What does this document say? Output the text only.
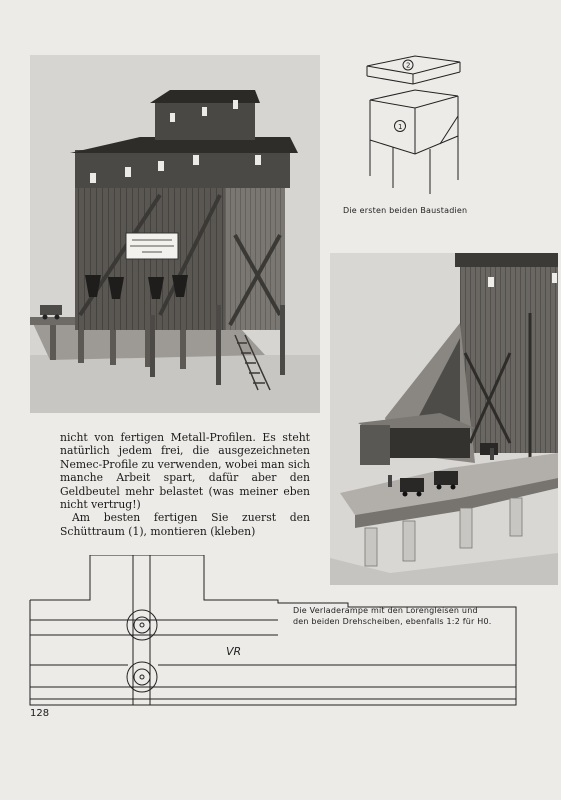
2
1
Die ersten beiden Baustadien

nicht von fertigen Metall-Profilen. Es steht natürlich jedem frei, die ausgezeichneten Nemec-Profile zu verwenden, wobei man sich manche Arbeit spart, dafür aber den Geldbeutel mehr belastet (was meiner eben nicht vertrug!)

Am besten fertigen Sie zuerst den Schüttraum (1), montieren (kleben)

Die Verladerampe mit den Lorengleisen und
den beiden Drehscheiben, ebenfalls 1:2 für H0.
VR
128
